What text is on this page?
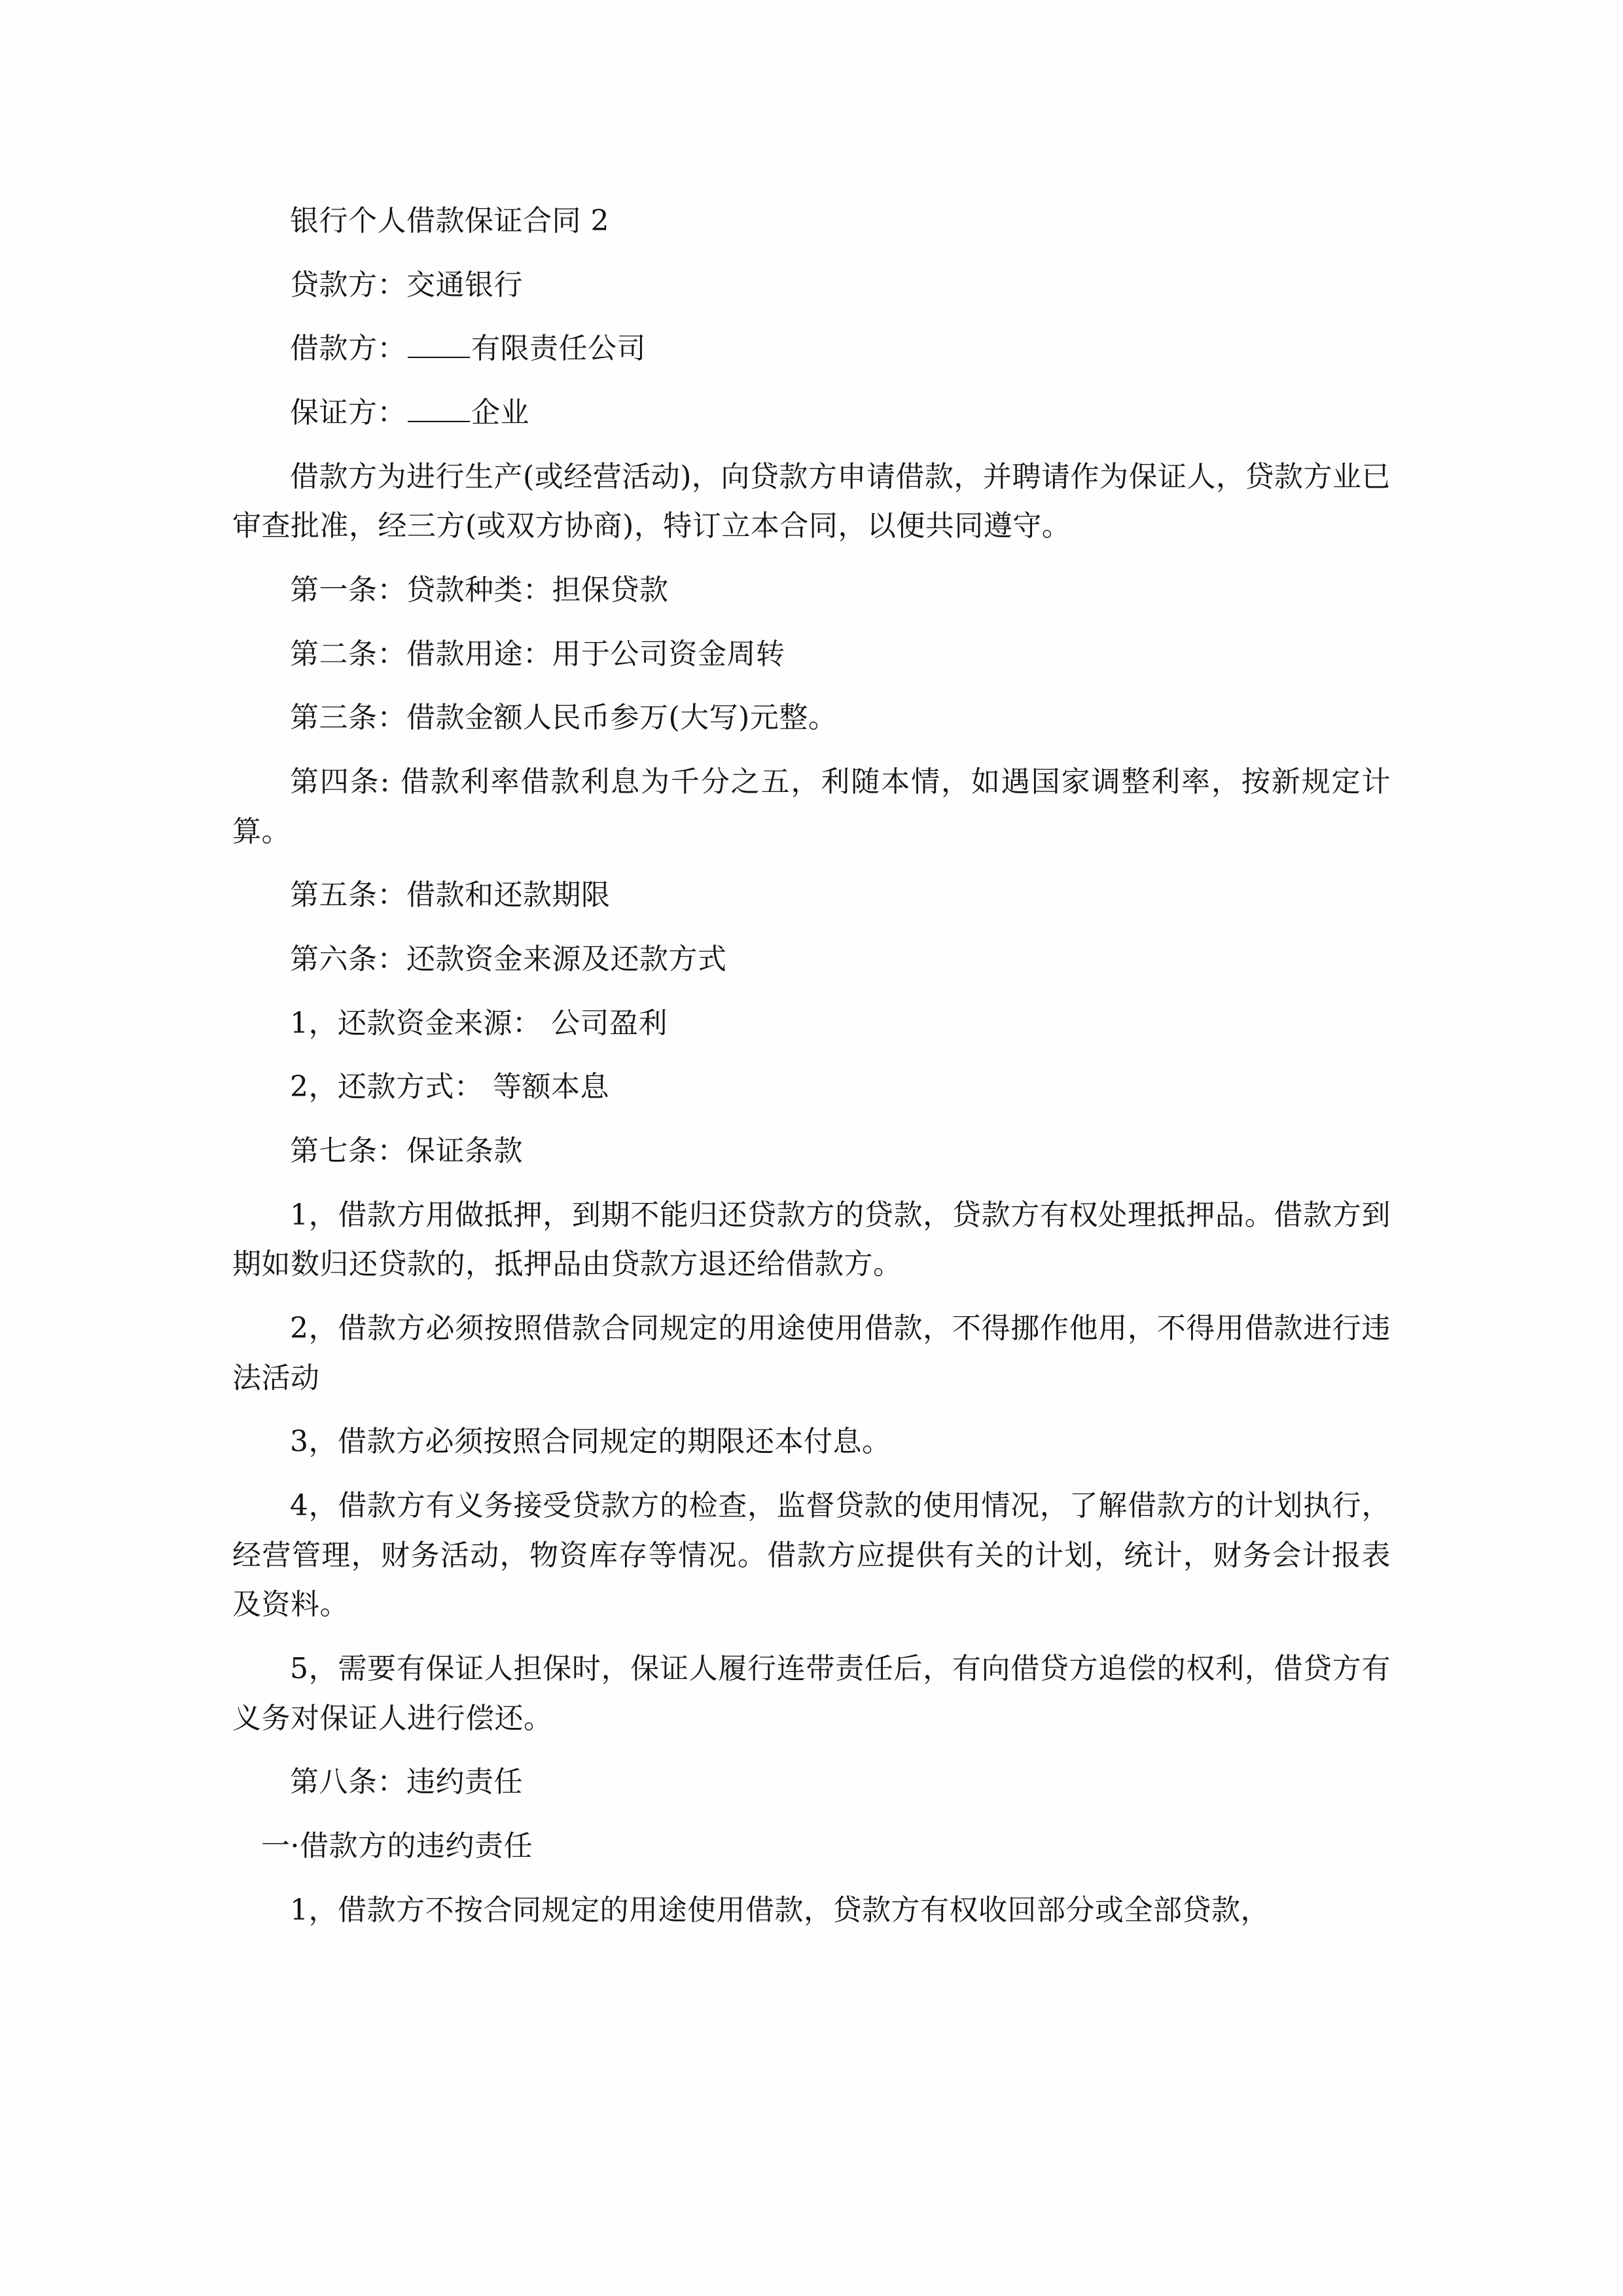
银行个人借款保证合同 2

贷款方：交通银行

借款方： 有限责任公司

保证方： 企业

借款方为进行生产(或经营活动)，向贷款方申请借款，并聘请作为保证人，贷款方业已审查批准，经三方(或双方协商)，特订立本合同，以便共同遵守。

第一条：贷款种类：担保贷款

第二条：借款用途：用于公司资金周转

第三条：借款金额人民币参万(大写)元整。

第四条: 借款利率借款利息为千分之五，利随本情，如遇国家调整利率，按新规定计算。

第五条：借款和还款期限

第六条：还款资金来源及还款方式

1，还款资金来源： 公司盈利

2，还款方式： 等额本息

第七条：保证条款

1，借款方用做抵押，到期不能归还贷款方的贷款，贷款方有权处理抵押品。借款方到期如数归还贷款的，抵押品由贷款方退还给借款方。

2，借款方必须按照借款合同规定的用途使用借款，不得挪作他用，不得用借款进行违法活动

3，借款方必须按照合同规定的期限还本付息。

4，借款方有义务接受贷款方的检查，监督贷款的使用情况，了解借款方的计划执行，经营管理，财务活动，物资库存等情况。借款方应提供有关的计划，统计，财务会计报表及资料。

5，需要有保证人担保时，保证人履行连带责任后，有向借贷方追偿的权利，借贷方有义务对保证人进行偿还。

第八条：违约责任

一·借款方的违约责任

1，借款方不按合同规定的用途使用借款，贷款方有权收回部分或全部贷款，
